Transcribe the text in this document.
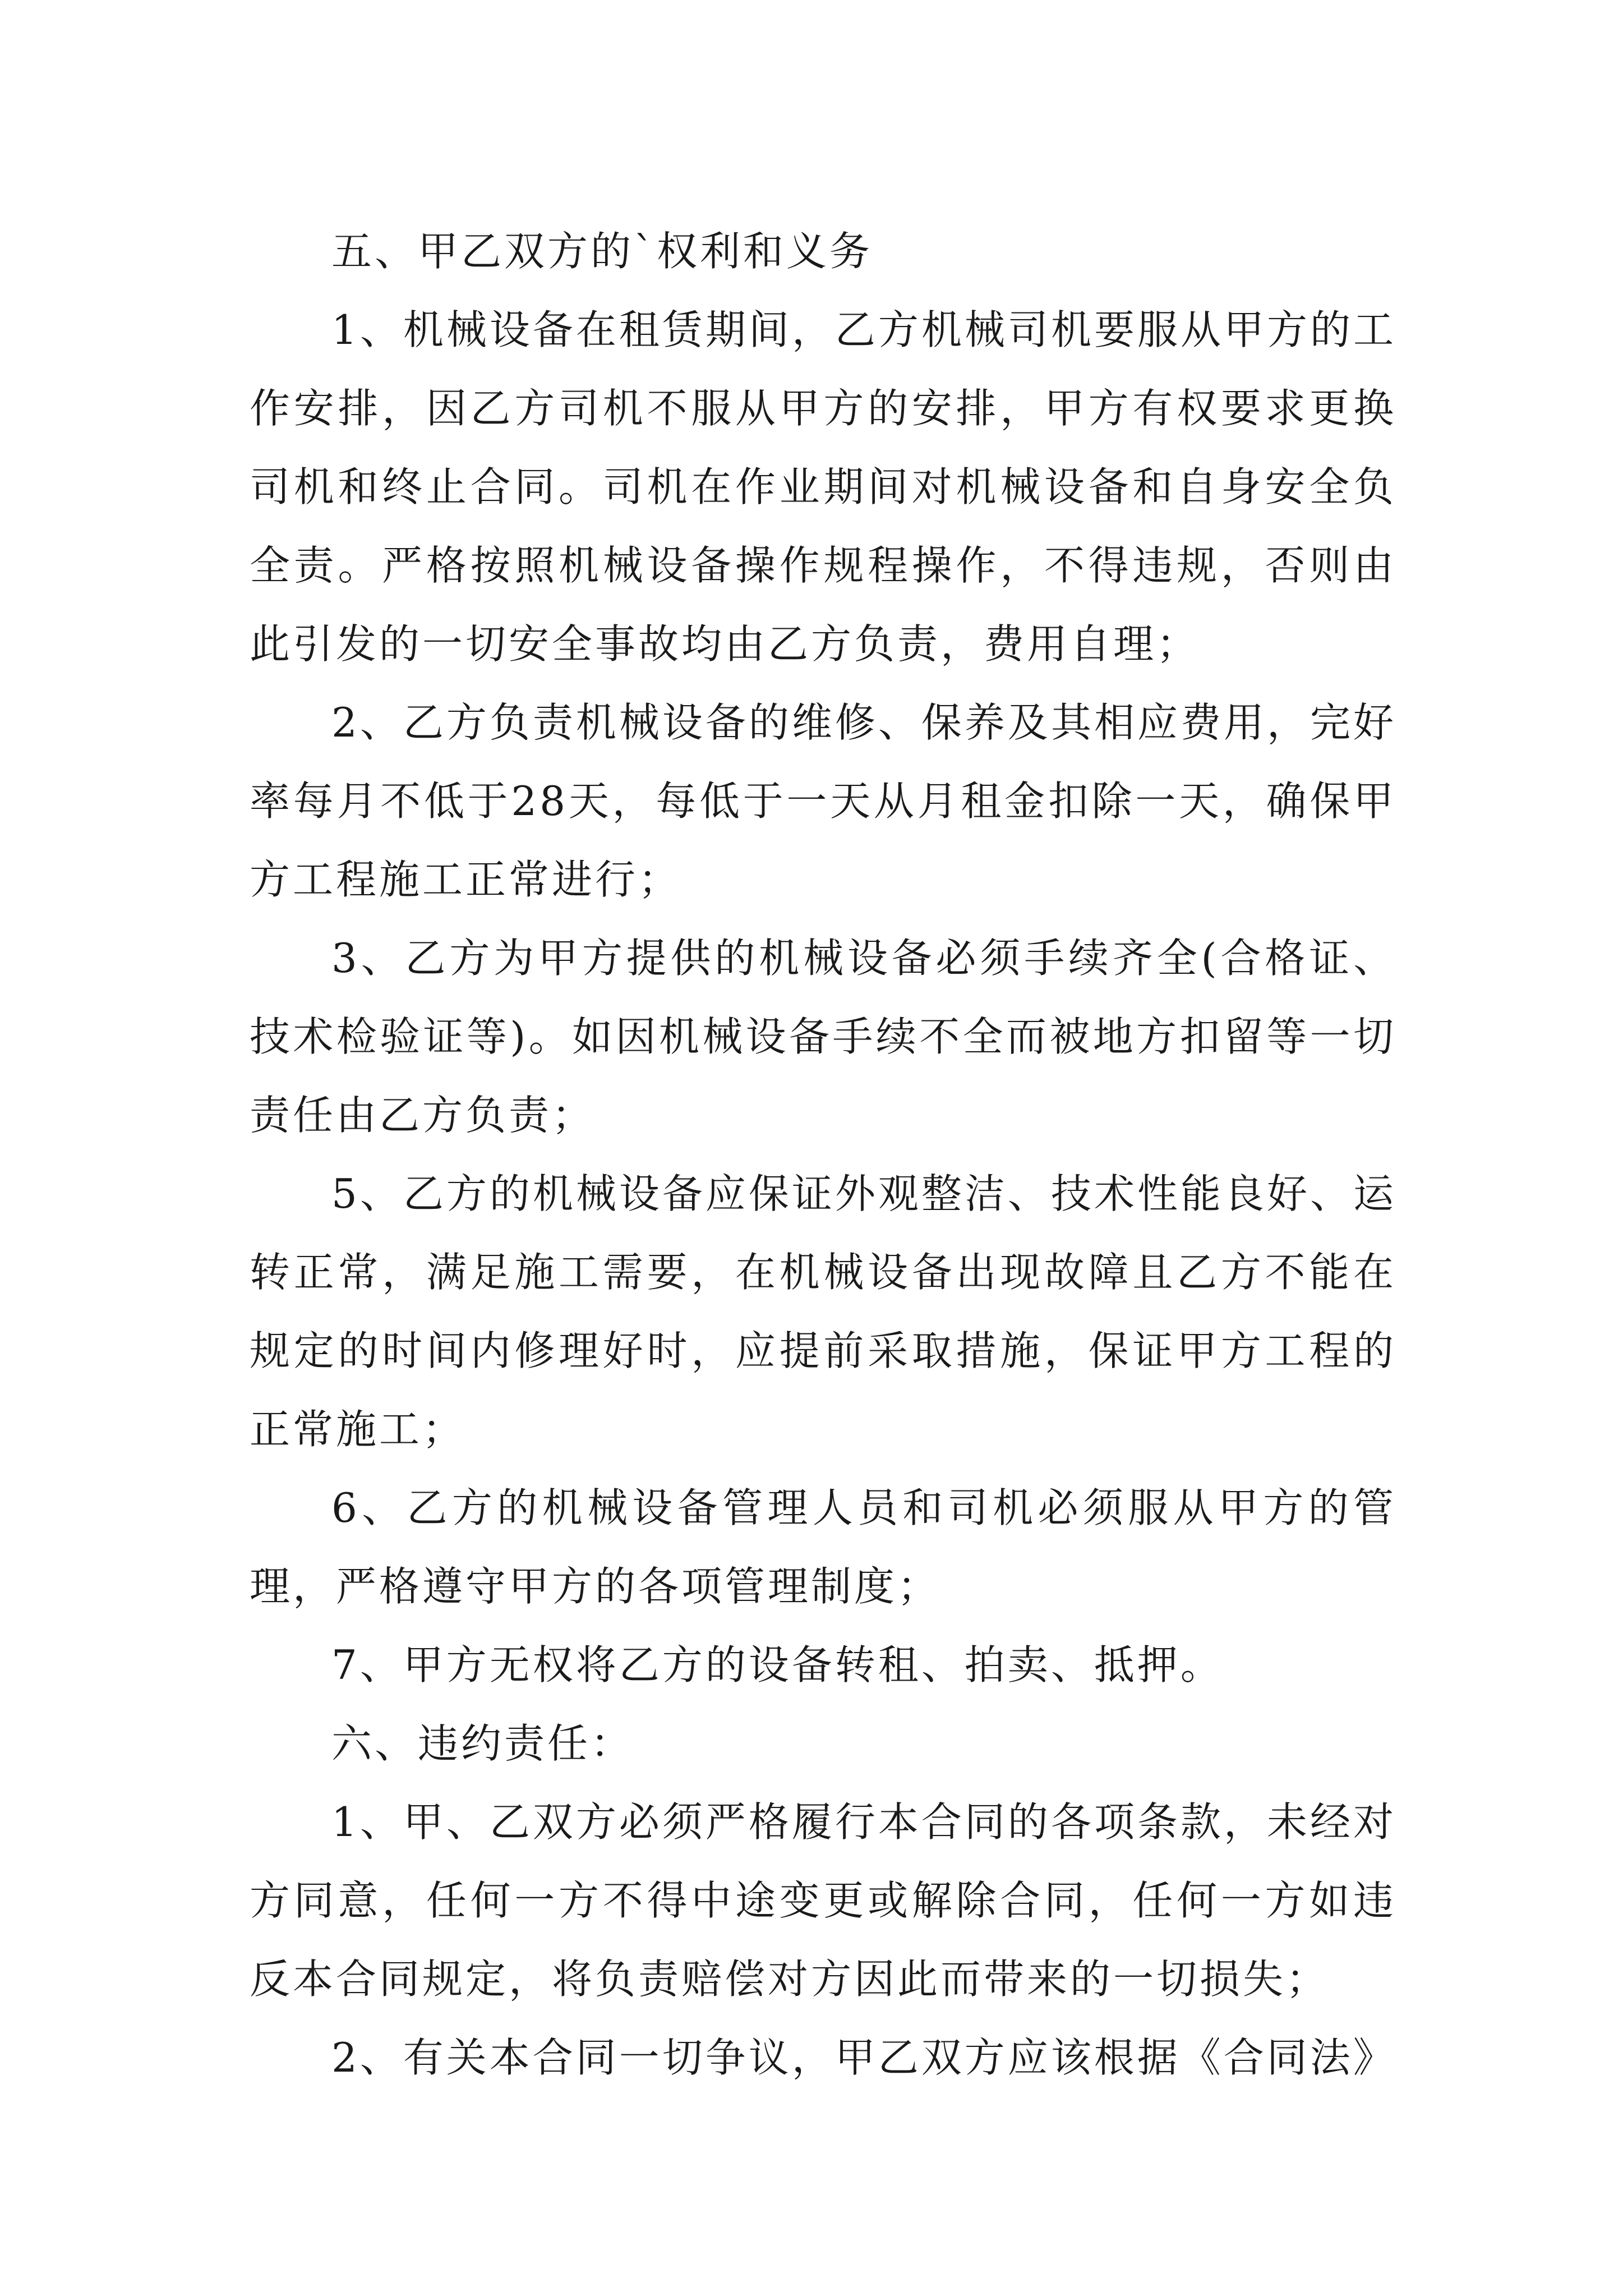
五、甲乙双方的`权利和义务

1、机械设备在租赁期间，乙方机械司机要服从甲方的工作安排，因乙方司机不服从甲方的安排，甲方有权要求更换司机和终止合同。司机在作业期间对机械设备和自身安全负全责。严格按照机械设备操作规程操作，不得违规，否则由此引发的一切安全事故均由乙方负责，费用自理；

2、乙方负责机械设备的维修、保养及其相应费用，完好率每月不低于28天，每低于一天从月租金扣除一天，确保甲方工程施工正常进行；

3、乙方为甲方提供的机械设备必须手续齐全(合格证、技术检验证等)。如因机械设备手续不全而被地方扣留等一切责任由乙方负责；

5、乙方的机械设备应保证外观整洁、技术性能良好、运转正常，满足施工需要，在机械设备出现故障且乙方不能在规定的时间内修理好时，应提前采取措施，保证甲方工程的正常施工；

6、乙方的机械设备管理人员和司机必须服从甲方的管理，严格遵守甲方的各项管理制度；

7、甲方无权将乙方的设备转租、拍卖、抵押。

六、违约责任：

1、甲、乙双方必须严格履行本合同的各项条款，未经对方同意，任何一方不得中途变更或解除合同，任何一方如违反本合同规定，将负责赔偿对方因此而带来的一切损失；

2、有关本合同一切争议，甲乙双方应该根据《合同法》
